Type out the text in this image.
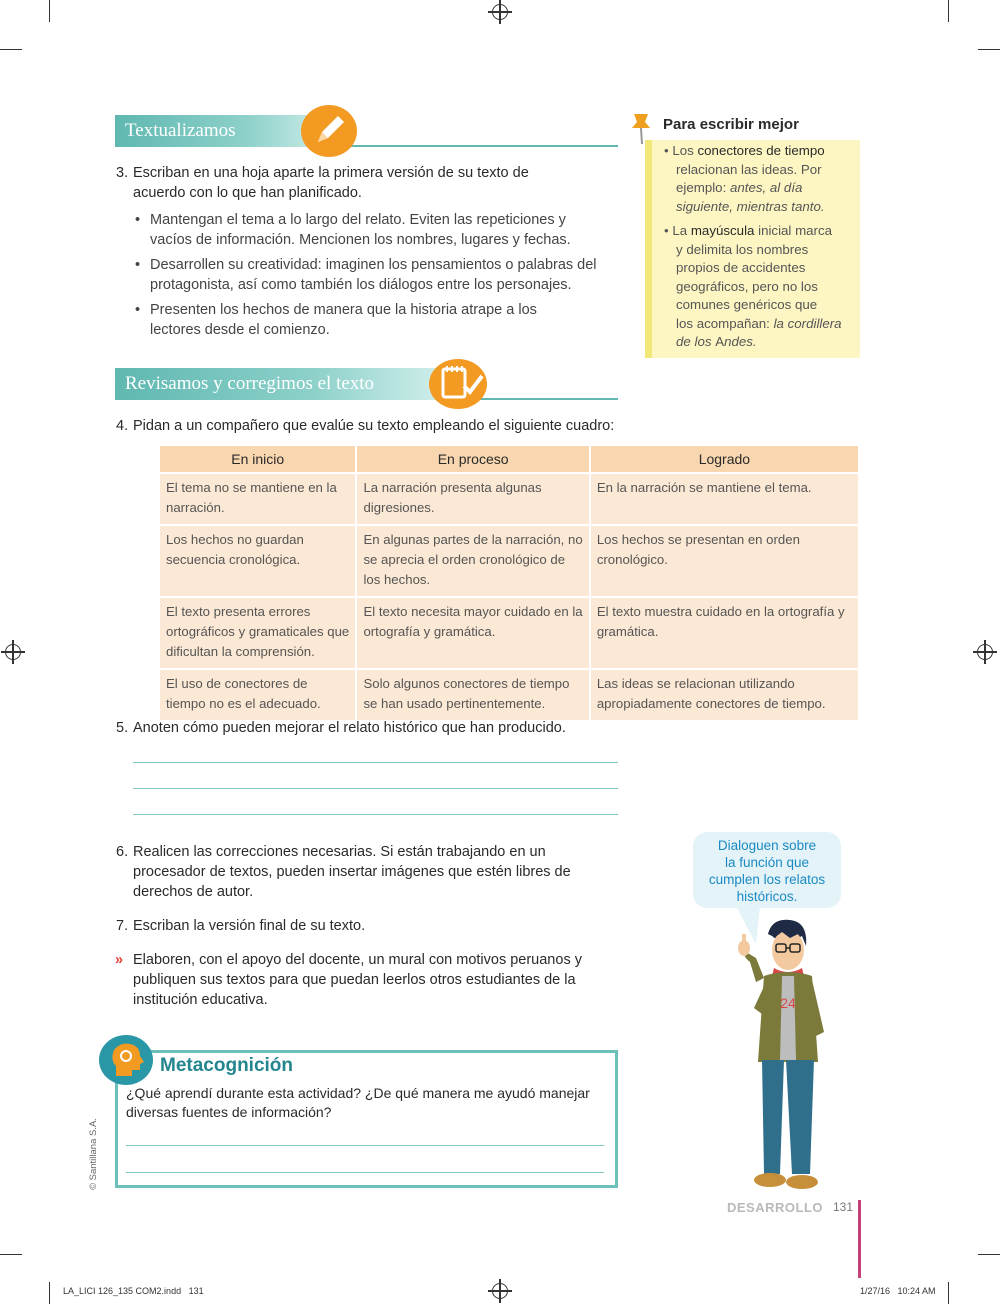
Textualizamos
3. Escriban en una hoja aparte la primera versión de su texto de
acuerdo con lo que han planificado.
• Mantengan el tema a lo largo del relato. Eviten las repeticiones y
vacíos de información. Mencionen los nombres, lugares y fechas.
• Desarrollen su creatividad: imaginen los pensamientos o palabras del
protagonista, así como también los diálogos entre los personajes.
• Presenten los hechos de manera que la historia atrape a los
lectores desde el comienzo.
Para escribir mejor
• Los conectores de tiempo
relacionan las ideas. Por
ejemplo: antes, al día
siguiente, mientras tanto.
• La mayúscula inicial marca
y delimita los nombres
propios de accidentes
geográficos, pero no los
comunes genéricos que
los acompañan: la cordillera
de los Andes.
Revisamos y corregimos el texto
4. Pidan a un compañero que evalúe su texto empleando el siguiente cuadro:
En inicio	En proceso	Logrado
El tema no se mantiene en la narración.	La narración presenta algunas digresiones.	En la narración se mantiene el tema.
Los hechos no guardan secuencia cronológica.	En algunas partes de la narración, no se aprecia el orden cronológico de los hechos.	Los hechos se presentan en orden cronológico.
El texto presenta errores ortográficos y gramaticales que dificultan la comprensión.	El texto necesita mayor cuidado en la ortografía y gramática.	El texto muestra cuidado en la ortografía y gramática.
El uso de conectores de tiempo no es el adecuado.	Solo algunos conectores de tiempo se han usado pertinentemente.	Las ideas se relacionan utilizando apropiadamente conectores de tiempo.
5. Anoten cómo pueden mejorar el relato histórico que han producido.
6. Realicen las correcciones necesarias. Si están trabajando en un
procesador de textos, pueden insertar imágenes que estén libres de
derechos de autor.
7. Escriban la versión final de su texto.
» Elaboren, con el apoyo del docente, un mural con motivos peruanos y
publiquen sus textos para que puedan leerlos otros estudiantes de la
institución educativa.
Dialoguen sobre
la función que
cumplen los relatos
históricos.
24
Metacognición
¿Qué aprendí durante esta actividad? ¿De qué manera me ayudó manejar
diversas fuentes de información?
© Santillana S.A.
DESARROLLO 131
LA_LICI 126_135 COM2.indd   131	1/27/16   10:24 AM
